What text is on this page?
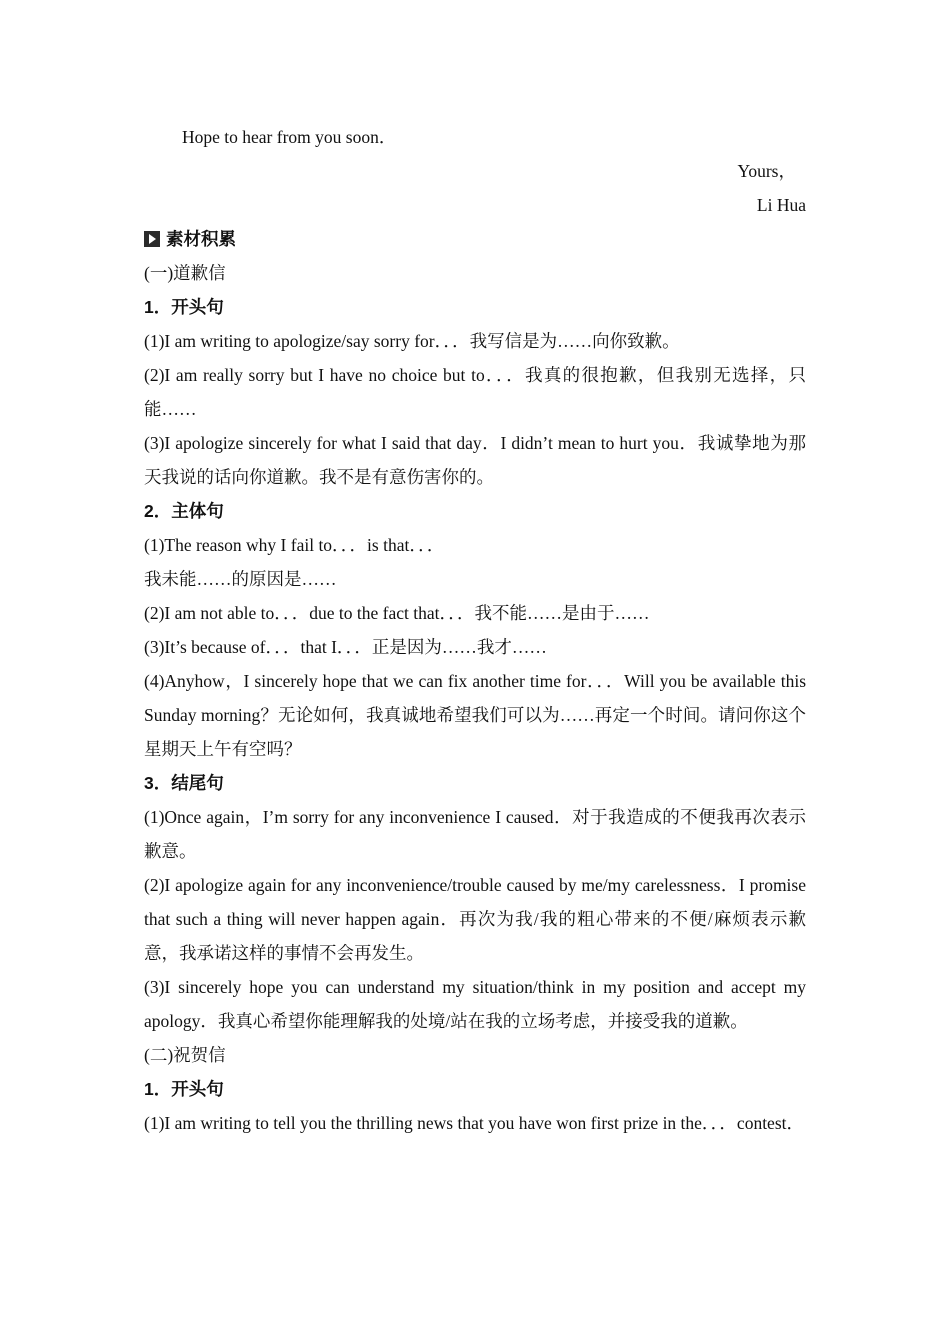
Hope to hear from you soon．
Yours，
Li Hua
素材积累
(一)道歉信
1．开头句
(1)I am writing to apologize/say sorry for．．．我写信是为……向你致歉。
(2)I am really sorry but I have no choice but to．．．我真的很抱歉，但我别无选择，只能……
(3)I apologize sincerely for what I said that day．I didn’t mean to hurt you．我诚挚地为那天我说的话向你道歉。我不是有意伤害你的。
2．主体句
(1)The reason why I fail to．．．is that．．．
我未能……的原因是……
(2)I am not able to．．．due to the fact that．．．我不能……是由于……
(3)It’s because of．．．that I．．．正是因为……我才……
(4)Anyhow，I sincerely hope that we can fix another time for．．．Will you be available this Sunday morning？无论如何，我真诚地希望我们可以为……再定一个时间。请问你这个星期天上午有空吗？
3．结尾句
(1)Once again，I’m sorry for any inconvenience I caused．对于我造成的不便我再次表示歉意。
(2)I apologize again for any inconvenience/trouble caused by me/my carelessness．I promise that such a thing will never happen again．再次为我/我的粗心带来的不便/麻烦表示歉意，我承诺这样的事情不会再发生。
(3)I sincerely hope you can understand my situation/think in my position and accept my apology．我真心希望你能理解我的处境/站在我的立场考虑，并接受我的道歉。
(二)祝贺信
1．开头句
(1)I am writing to tell you the thrilling news that you have won first prize in the．．．contest．
